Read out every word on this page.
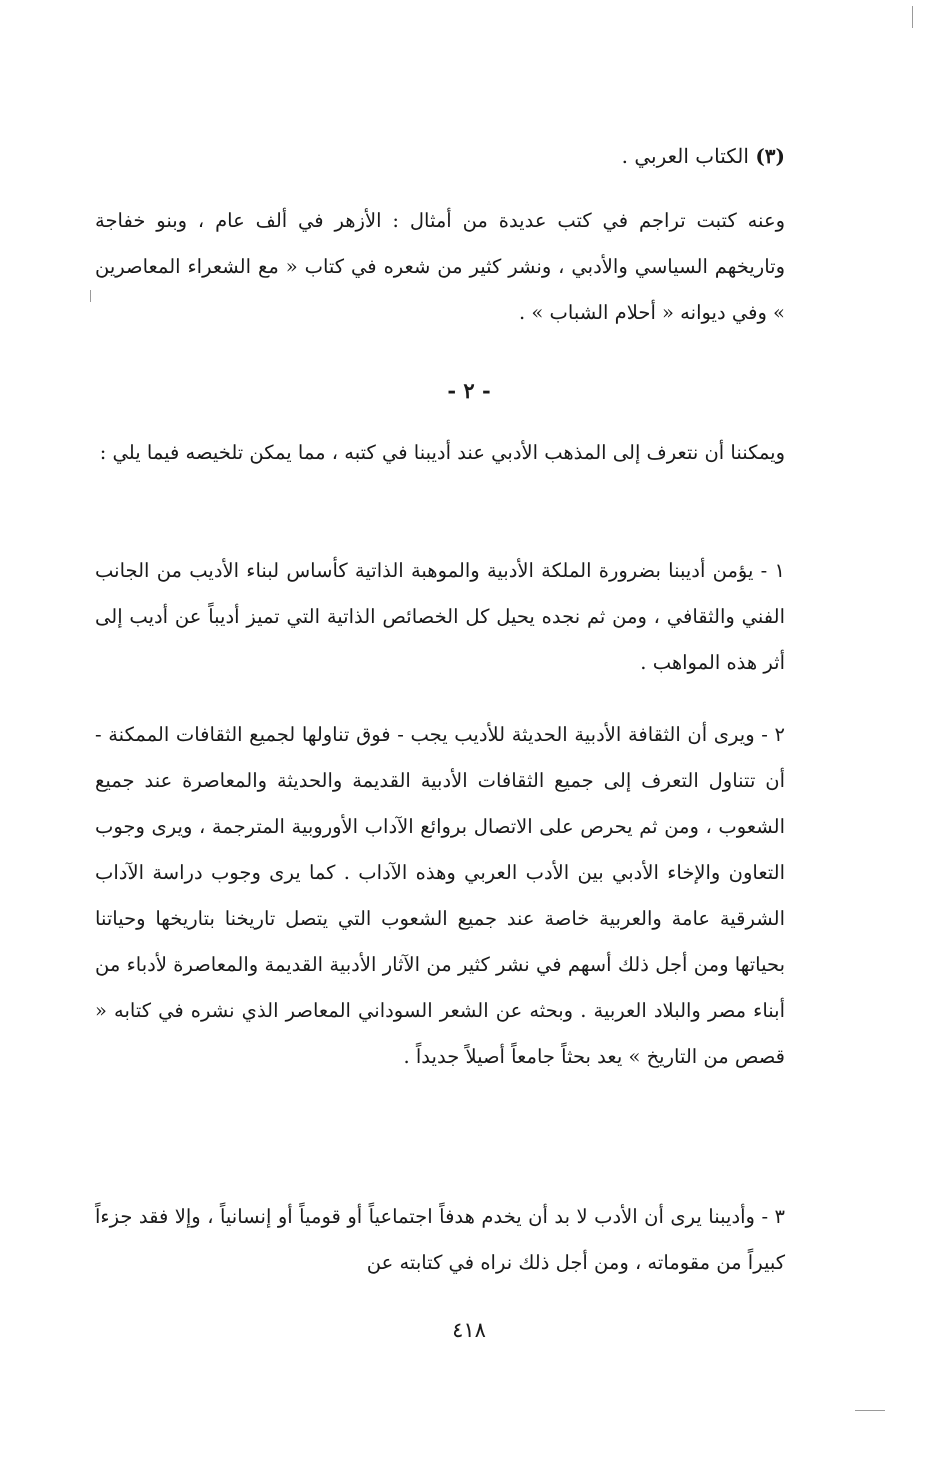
(٣) الكتاب العربي .

وعنه كتبت تراجم في كتب عديدة من أمثال : الأزهر في ألف عام ، وبنو خفاجة وتاريخهم السياسي والأدبي ، ونشر كثير من شعره في كتاب « مع الشعراء المعاصرين » وفي ديوانه « أحلام الشباب » .

- ٢ -

ويمكننا أن نتعرف إلى المذهب الأدبي عند أديبنا في كتبه ، مما يمكن تلخيصه فيما يلي :

١ - يؤمن أديبنا بضرورة الملكة الأدبية والموهبة الذاتية كأساس لبناء الأديب من الجانب الفني والثقافي ، ومن ثم نجده يحيل كل الخصائص الذاتية التي تميز أديباً عن أديب إلى أثر هذه المواهب .

٢ - ويرى أن الثقافة الأدبية الحديثة للأديب يجب - فوق تناولها لجميع الثقافات الممكنة - أن تتناول التعرف إلى جميع الثقافات الأدبية القديمة والحديثة والمعاصرة عند جميع الشعوب ، ومن ثم يحرص على الاتصال بروائع الآداب الأوروبية المترجمة ، ويرى وجوب التعاون والإخاء الأدبي بين الأدب العربي وهذه الآداب . كما يرى وجوب دراسة الآداب الشرقية عامة والعربية خاصة عند جميع الشعوب التي يتصل تاريخنا بتاريخها وحياتنا بحياتها ومن أجل ذلك أسهم في نشر كثير من الآثار الأدبية القديمة والمعاصرة لأدباء من أبناء مصر والبلاد العربية . وبحثه عن الشعر السوداني المعاصر الذي نشره في كتابه « قصص من التاريخ » يعد بحثاً جامعاً أصيلاً جديداً .

٣ - وأديبنا يرى أن الأدب لا بد أن يخدم هدفاً اجتماعياً أو قومياً أو إنسانياً ، وإلا فقد جزءاً كبيراً من مقوماته ، ومن أجل ذلك نراه في كتابته عن

٤١٨
